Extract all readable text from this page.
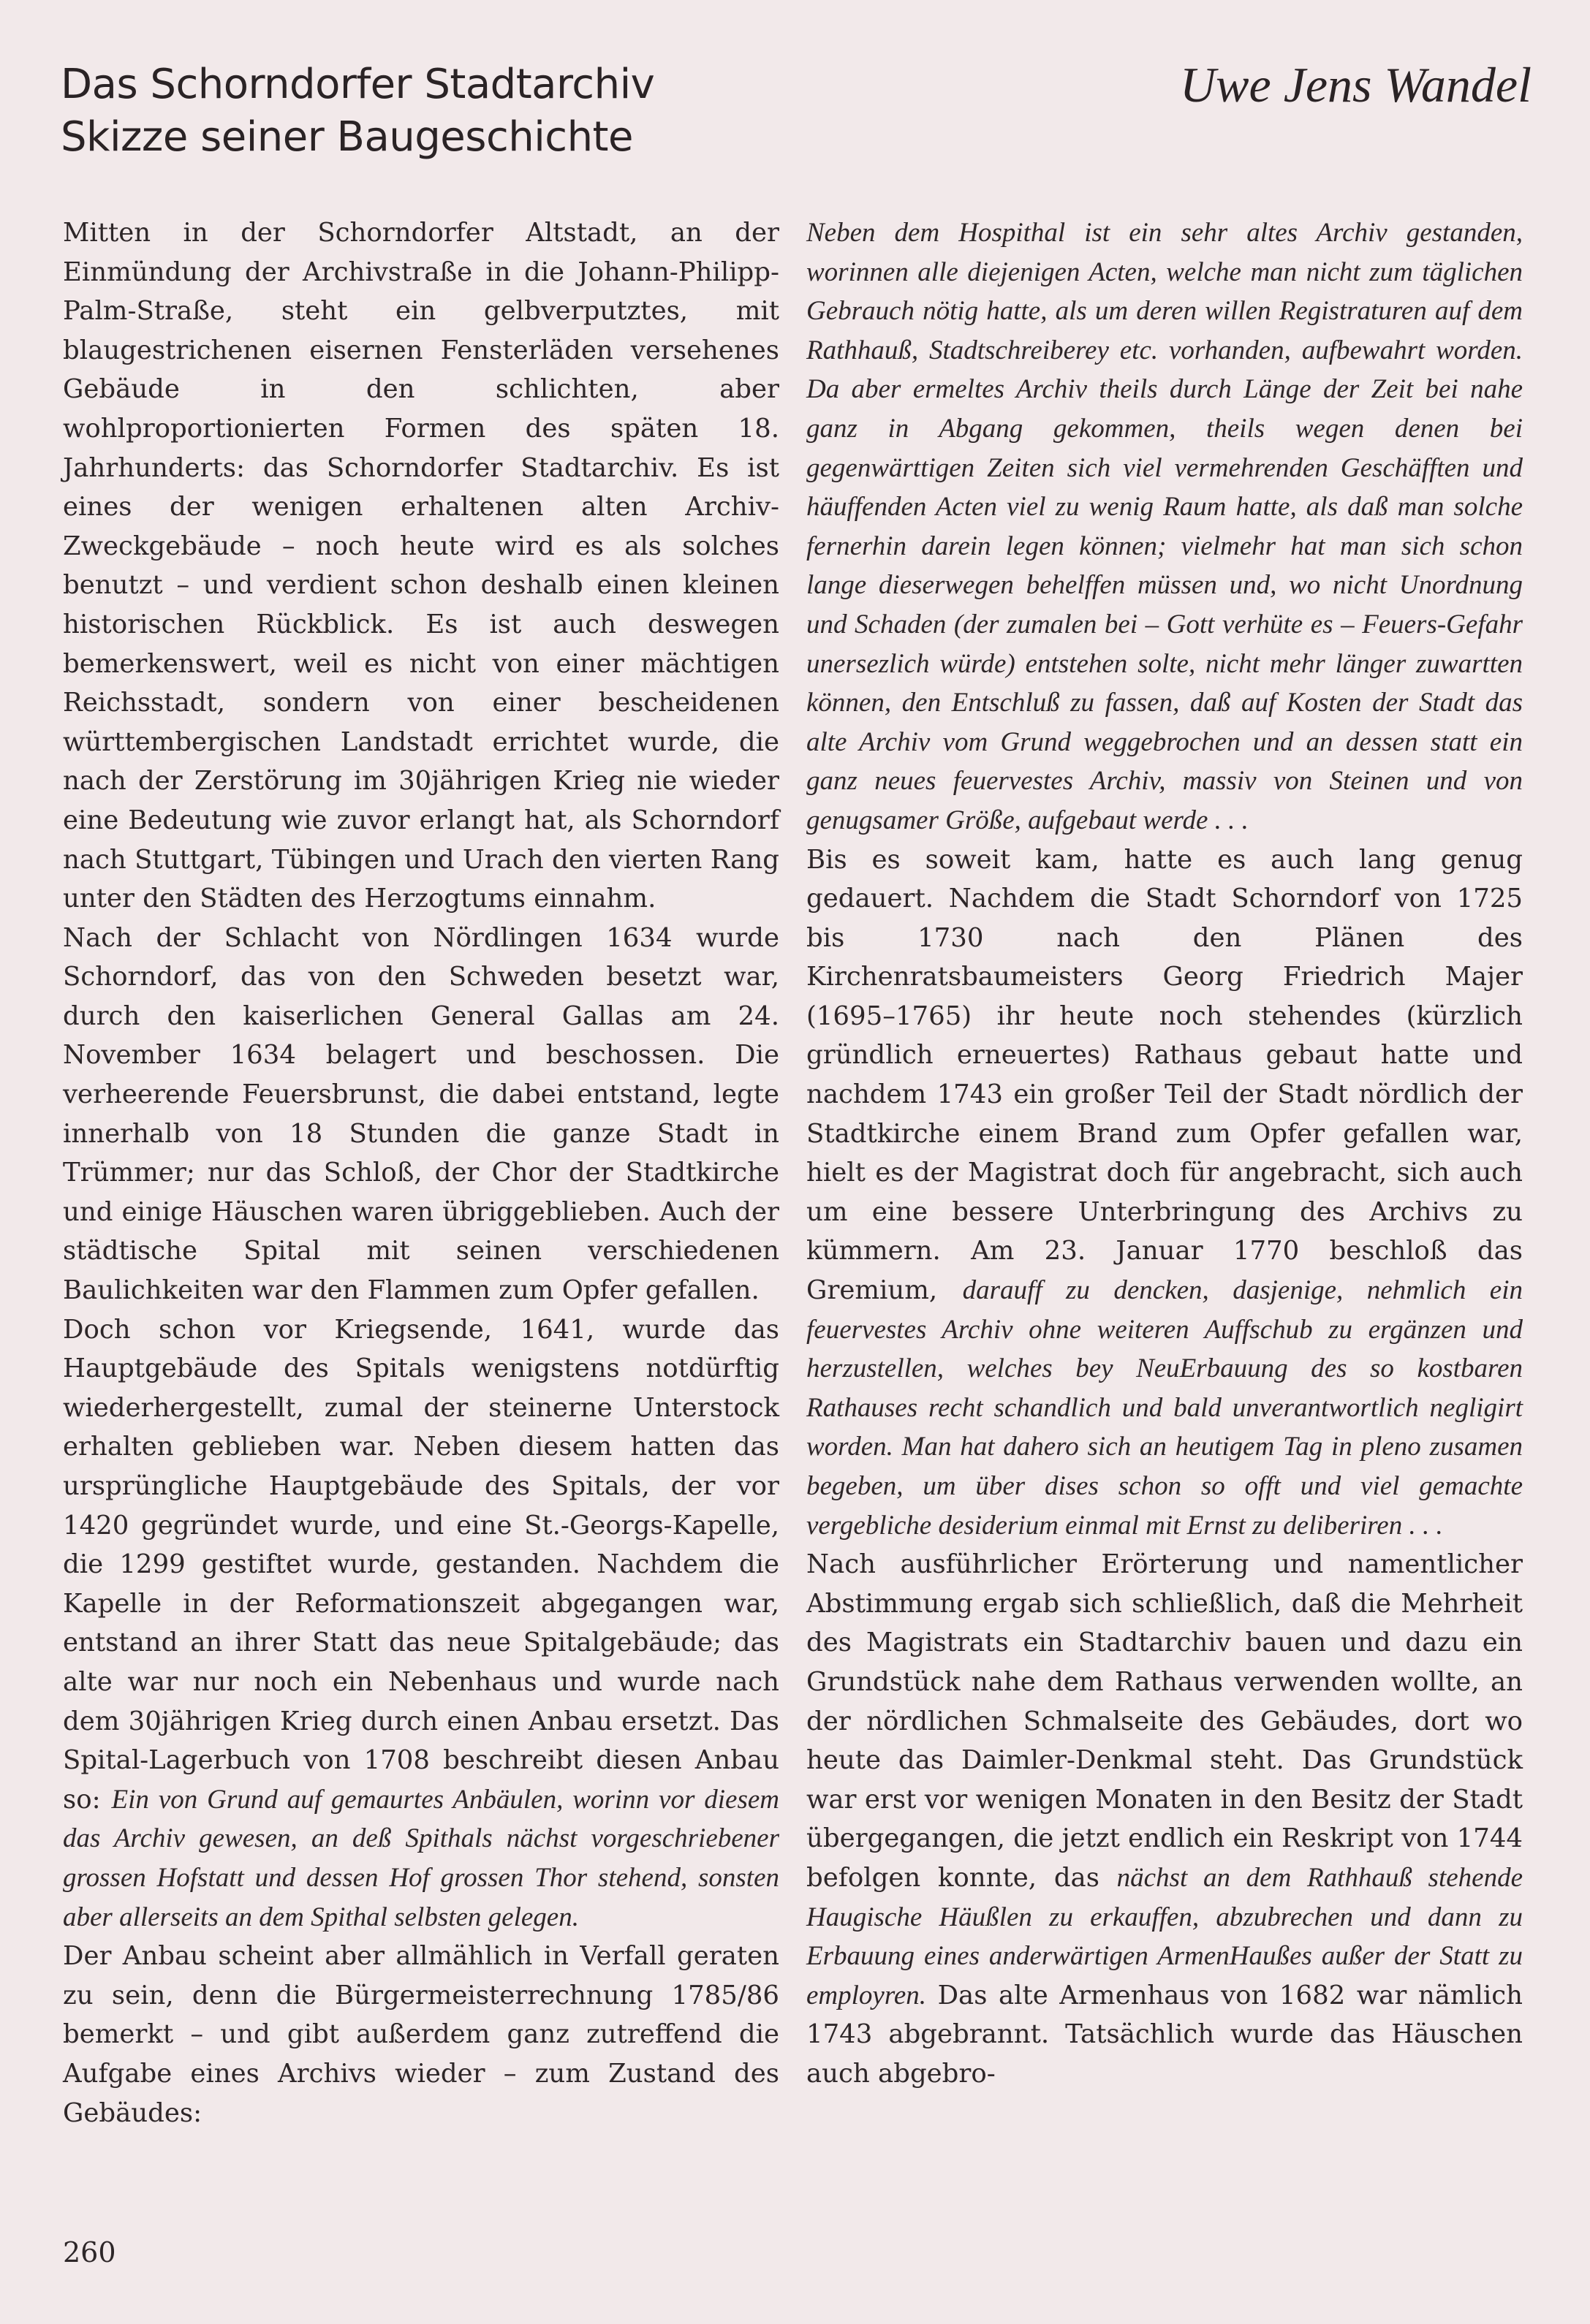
Das Schorndorfer Stadtarchiv
Skizze seiner Baugeschichte
Uwe Jens Wandel

Mitten in der Schorndorfer Altstadt, an der Einmündung der Archivstraße in die Johann-Philipp-Palm-Straße, steht ein gelbverputztes, mit blaugestrichenen eisernen Fensterläden versehenes Gebäude in den schlichten, aber wohlproportionierten Formen des späten 18. Jahrhunderts: das Schorndorfer Stadtarchiv. Es ist eines der wenigen erhaltenen alten Archiv-Zweckgebäude – noch heute wird es als solches benutzt – und verdient schon deshalb einen kleinen historischen Rückblick. Es ist auch deswegen bemerkenswert, weil es nicht von einer mächtigen Reichsstadt, sondern von einer bescheidenen württembergischen Landstadt errichtet wurde, die nach der Zerstörung im 30jährigen Krieg nie wieder eine Bedeutung wie zuvor erlangt hat, als Schorndorf nach Stuttgart, Tübingen und Urach den vierten Rang unter den Städten des Herzogtums einnahm.

Nach der Schlacht von Nördlingen 1634 wurde Schorndorf, das von den Schweden besetzt war, durch den kaiserlichen General Gallas am 24. November 1634 belagert und beschossen. Die verheerende Feuersbrunst, die dabei entstand, legte innerhalb von 18 Stunden die ganze Stadt in Trümmer; nur das Schloß, der Chor der Stadtkirche und einige Häuschen waren übriggeblieben. Auch der städtische Spital mit seinen verschiedenen Baulichkeiten war den Flammen zum Opfer gefallen.

Doch schon vor Kriegsende, 1641, wurde das Hauptgebäude des Spitals wenigstens notdürftig wiederhergestellt, zumal der steinerne Unterstock erhalten geblieben war. Neben diesem hatten das ursprüngliche Hauptgebäude des Spitals, der vor 1420 gegründet wurde, und eine St.-Georgs-Kapelle, die 1299 gestiftet wurde, gestanden. Nachdem die Kapelle in der Reformationszeit abgegangen war, entstand an ihrer Statt das neue Spitalgebäude; das alte war nur noch ein Nebenhaus und wurde nach dem 30jährigen Krieg durch einen Anbau ersetzt. Das Spital-Lagerbuch von 1708 beschreibt diesen Anbau so: Ein von Grund auf gemaurtes Anbäulen, worinn vor diesem das Archiv gewesen, an deß Spithals nächst vorgeschriebener grossen Hofstatt und dessen Hof grossen Thor stehend, sonsten aber allerseits an dem Spithal selbsten gelegen.

Der Anbau scheint aber allmählich in Verfall geraten zu sein, denn die Bürgermeisterrechnung 1785/86 bemerkt – und gibt außerdem ganz zutreffend die Aufgabe eines Archivs wieder – zum Zustand des Gebäudes:

Neben dem Hospithal ist ein sehr altes Archiv gestanden, worinnen alle diejenigen Acten, welche man nicht zum täglichen Gebrauch nötig hatte, als um deren willen Registraturen auf dem Rathhauß, Stadtschreiberey etc. vorhanden, aufbewahrt worden. Da aber ermeltes Archiv theils durch Länge der Zeit bei nahe ganz in Abgang gekommen, theils wegen denen bei gegenwärttigen Zeiten sich viel vermehrenden Geschäfften und häuffenden Acten viel zu wenig Raum hatte, als daß man solche fernerhin darein legen können; vielmehr hat man sich schon lange dieserwegen behelffen müssen und, wo nicht Unordnung und Schaden (der zumalen bei – Gott verhüte es – Feuers-Gefahr unersezlich würde) entstehen solte, nicht mehr länger zuwartten können, den Entschluß zu fassen, daß auf Kosten der Stadt das alte Archiv vom Grund weggebrochen und an dessen statt ein ganz neues feuervestes Archiv, massiv von Steinen und von genugsamer Größe, aufgebaut werde . . .

Bis es soweit kam, hatte es auch lang genug gedauert. Nachdem die Stadt Schorndorf von 1725 bis 1730 nach den Plänen des Kirchenratsbaumeisters Georg Friedrich Majer (1695–1765) ihr heute noch stehendes (kürzlich gründlich erneuertes) Rathaus gebaut hatte und nachdem 1743 ein großer Teil der Stadt nördlich der Stadtkirche einem Brand zum Opfer gefallen war, hielt es der Magistrat doch für angebracht, sich auch um eine bessere Unterbringung des Archivs zu kümmern. Am 23. Januar 1770 beschloß das Gremium, darauff zu dencken, dasjenige, nehmlich ein feuervestes Archiv ohne weiteren Auffschub zu ergänzen und herzustellen, welches bey NeuErbauung des so kostbaren Rathauses recht schandlich und bald unverantwortlich negligirt worden. Man hat dahero sich an heutigem Tag in pleno zusamen begeben, um über dises schon so offt und viel gemachte vergebliche desiderium einmal mit Ernst zu deliberiren . . .

Nach ausführlicher Erörterung und namentlicher Abstimmung ergab sich schließlich, daß die Mehrheit des Magistrats ein Stadtarchiv bauen und dazu ein Grundstück nahe dem Rathaus verwenden wollte, an der nördlichen Schmalseite des Gebäudes, dort wo heute das Daimler-Denkmal steht. Das Grundstück war erst vor wenigen Monaten in den Besitz der Stadt übergegangen, die jetzt endlich ein Reskript von 1744 befolgen konnte, das nächst an dem Rathhauß stehende Haugische Häußlen zu erkauffen, abzubrechen und dann zu Erbauung eines anderwärtigen ArmenHaußes außer der Statt zu employren. Das alte Armenhaus von 1682 war nämlich 1743 abgebrannt. Tatsächlich wurde das Häuschen auch abgebro-

260
